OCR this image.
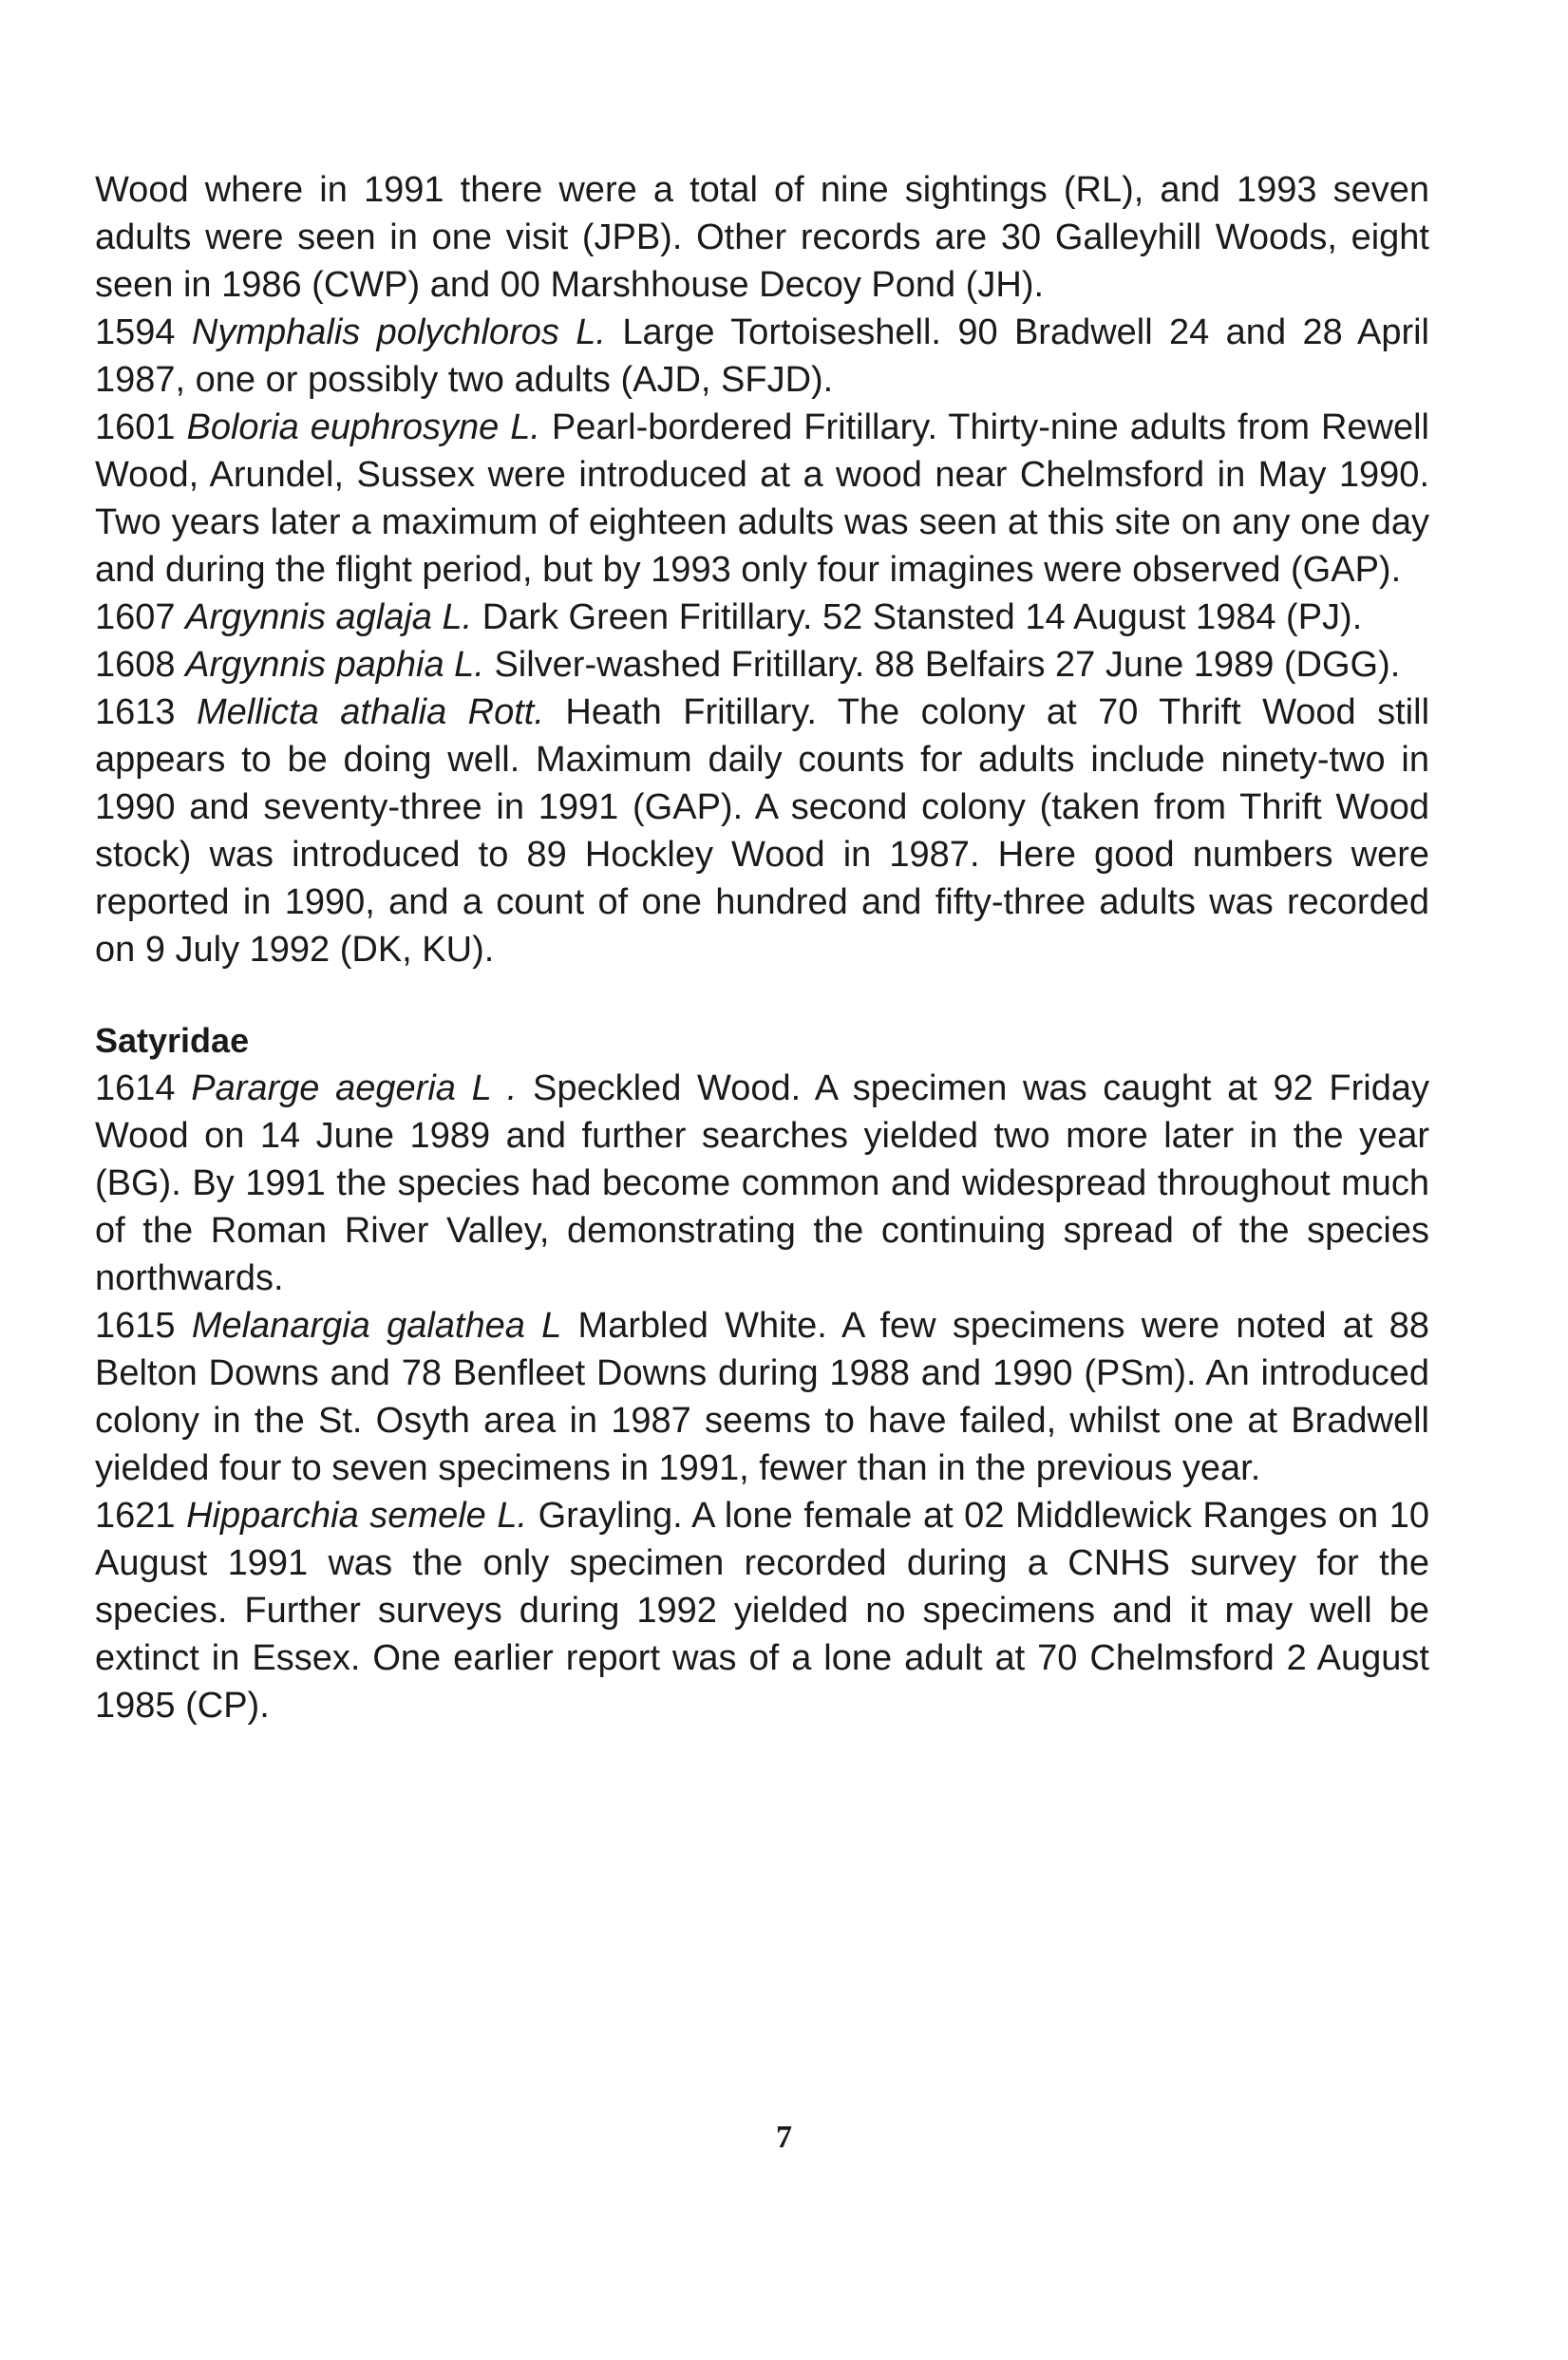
Wood where in 1991 there were a total of nine sightings (RL), and 1993 seven adults were seen in one visit (JPB). Other records are 30 Galleyhill Woods, eight seen in 1986 (CWP) and 00 Marshhouse Decoy Pond (JH).

1594 Nymphalis polychloros L. Large Tortoiseshell. 90 Bradwell 24 and 28 April 1987, one or possibly two adults (AJD, SFJD).

1601 Boloria euphrosyne L. Pearl-bordered Fritillary. Thirty-nine adults from Rewell Wood, Arundel, Sussex were introduced at a wood near Chelmsford in May 1990. Two years later a maximum of eighteen adults was seen at this site on any one day and during the flight period, but by 1993 only four imagines were observed (GAP).

1607 Argynnis aglaja L. Dark Green Fritillary. 52 Stansted 14 August 1984 (PJ).

1608 Argynnis paphia L. Silver-washed Fritillary. 88 Belfairs 27 June 1989 (DGG).

1613 Mellicta athalia Rott. Heath Fritillary. The colony at 70 Thrift Wood still appears to be doing well. Maximum daily counts for adults include ninety-two in 1990 and seventy-three in 1991 (GAP). A second colony (taken from Thrift Wood stock) was introduced to 89 Hockley Wood in 1987. Here good numbers were reported in 1990, and a count of one hundred and fifty-three adults was recorded on 9 July 1992 (DK, KU).

Satyridae

1614 Pararge aegeria L . Speckled Wood. A specimen was caught at 92 Friday Wood on 14 June 1989 and further searches yielded two more later in the year (BG). By 1991 the species had become common and widespread throughout much of the Roman River Valley, demonstrating the continuing spread of the species northwards.

1615 Melanargia galathea L Marbled White. A few specimens were noted at 88 Belton Downs and 78 Benfleet Downs during 1988 and 1990 (PSm). An introduced colony in the St. Osyth area in 1987 seems to have failed, whilst one at Bradwell yielded four to seven specimens in 1991, fewer than in the previous year.

1621 Hipparchia semele L. Grayling. A lone female at 02 Middlewick Ranges on 10 August 1991 was the only specimen recorded during a CNHS survey for the species. Further surveys during 1992 yielded no specimens and it may well be extinct in Essex. One earlier report was of a lone adult at 70 Chelmsford 2 August 1985 (CP).

7
